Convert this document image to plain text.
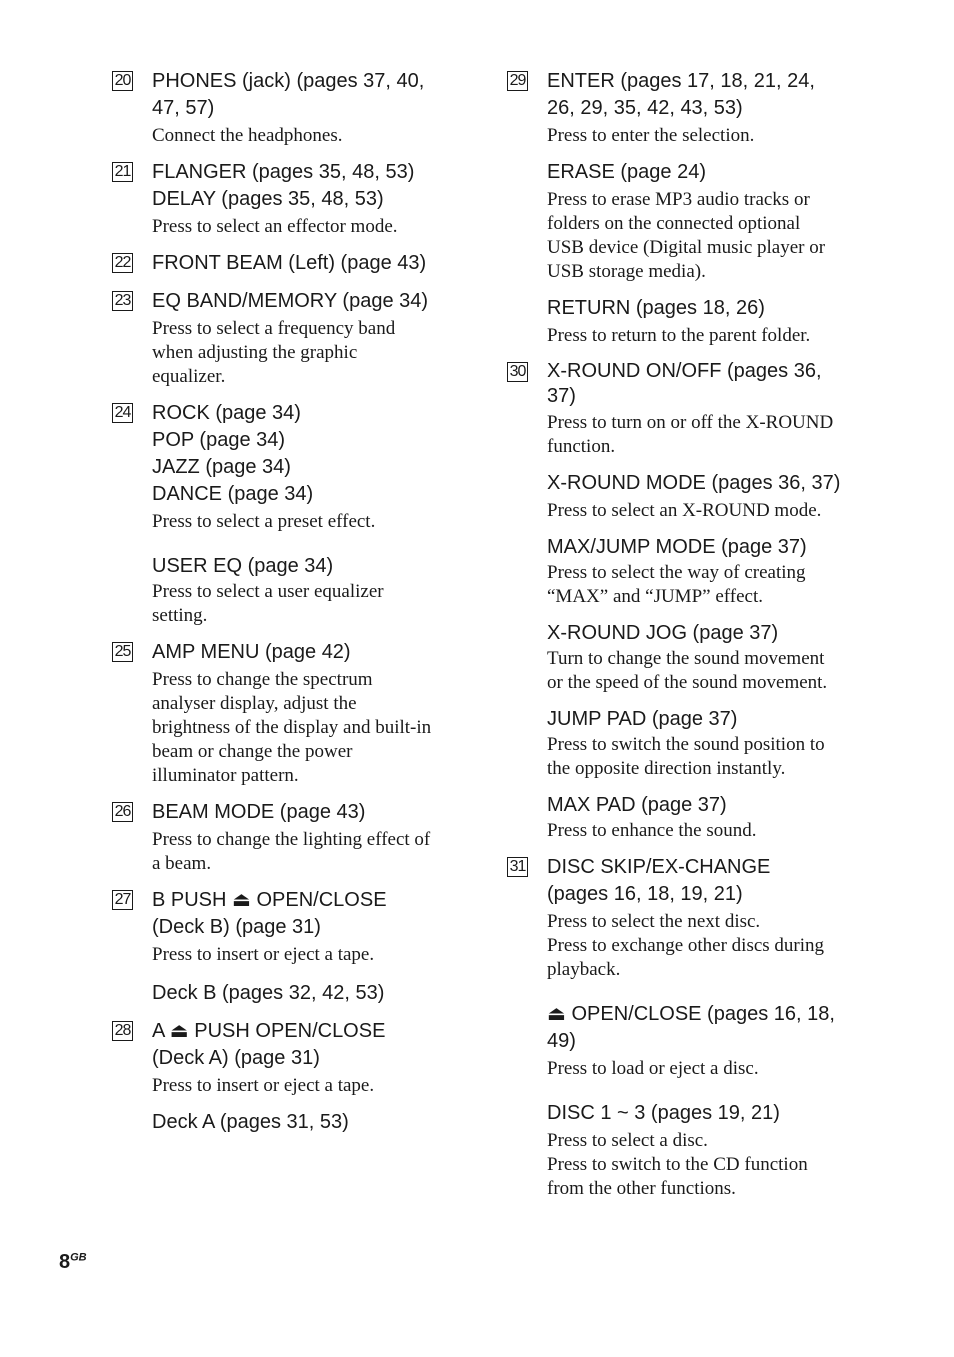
20 PHONES (jack) (pages 37, 40,
47, 57)

Connect the headphones.

21 FLANGER (pages 35, 48, 53)
DELAY (pages 35, 48, 53)

Press to select an effector mode.

22 FRONT BEAM (Left) (page 43)

23 EQ BAND/MEMORY (page 34)

Press to select a frequency band
when adjusting the graphic
equalizer.

24 ROCK (page 34)
POP (page 34)
JAZZ (page 34)
DANCE (page 34)

Press to select a preset effect.

USER EQ (page 34)

Press to select a user equalizer
setting.

25 AMP MENU (page 42)

Press to change the spectrum
analyser display, adjust the
brightness of the display and built-in
beam or change the power
illuminator pattern.

26 BEAM MODE (page 43)

Press to change the lighting effect of
a beam.

27 B PUSH ⏏ OPEN/CLOSE
(Deck B) (page 31)

Press to insert or eject a tape.

Deck B (pages 32, 42, 53)

28 A ⏏ PUSH OPEN/CLOSE
(Deck A) (page 31)

Press to insert or eject a tape.

Deck A (pages 31, 53)

29 ENTER (pages 17, 18, 21, 24,
26, 29, 35, 42, 43, 53)

Press to enter the selection.

ERASE (page 24)

Press to erase MP3 audio tracks or
folders on the connected optional
USB device (Digital music player or
USB storage media).

RETURN (pages 18, 26)

Press to return to the parent folder.

30 X-ROUND ON/OFF (pages 36,
37)

Press to turn on or off the X-ROUND
function.

X-ROUND MODE (pages 36, 37)

Press to select an X-ROUND mode.

MAX/JUMP MODE (page 37)

Press to select the way of creating
“MAX” and “JUMP” effect.

X-ROUND JOG (page 37)

Turn to change the sound movement
or the speed of the sound movement.

JUMP PAD (page 37)

Press to switch the sound position to
the opposite direction instantly.

MAX PAD (page 37)

Press to enhance the sound.

31 DISC SKIP/EX-CHANGE
(pages 16, 18, 19, 21)

Press to select the next disc.
Press to exchange other discs during
playback.

⏏ OPEN/CLOSE (pages 16, 18,
49)

Press to load or eject a disc.

DISC 1 ~ 3 (pages 19, 21)

Press to select a disc.
Press to switch to the CD function
from the other functions.

$8^{GB}$
